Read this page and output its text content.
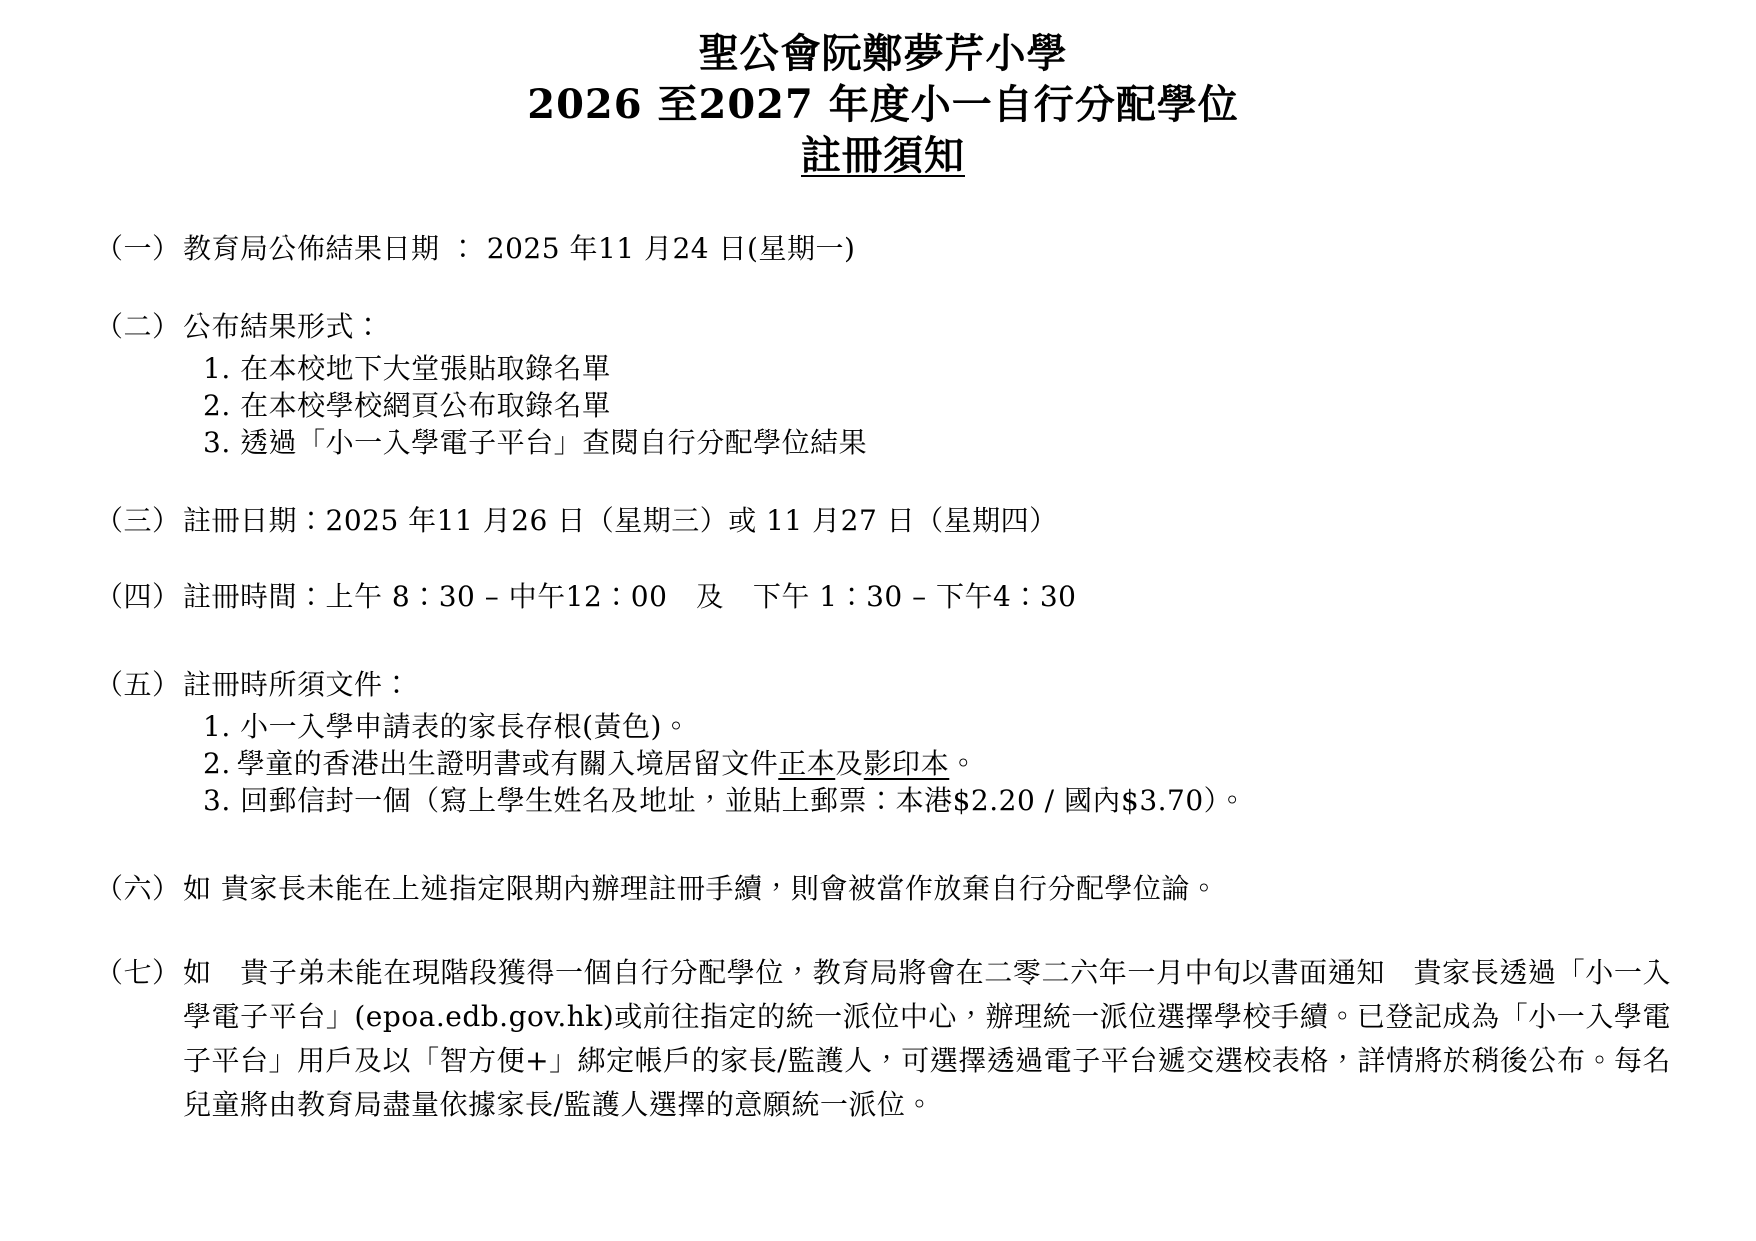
聖公會阮鄭夢芹小學
2026 至2027 年度小一自行分配學位
註冊須知
（一） 教育局公佈結果日期 ： 2025 年11 月24 日(星期一)
（二） 公布結果形式：
1. 在本校地下大堂張貼取錄名單
2. 在本校學校網頁公布取錄名單
3. 透過「小一入學電子平台」查閱自行分配學位結果
（三） 註冊日期：2025 年11 月26 日（星期三）或 11 月27 日（星期四）
（四） 註冊時間：上午 8：30 – 中午12：00　及　下午 1：30 – 下午4：30
（五） 註冊時所須文件：
1. 小一入學申請表的家長存根(黃色)。
2. 學童的香港出生證明書或有關入境居留文件正本及影印本。
3. 回郵信封一個（寫上學生姓名及地址，並貼上郵票：本港$2.20 / 國內$3.70）。
（六） 如 貴家長未能在上述指定限期內辦理註冊手續，則會被當作放棄自行分配學位論。
（七） 如　貴子弟未能在現階段獲得一個自行分配學位，教育局將會在二零二六年一月中旬以書面通知　貴家長透過「小一入學電子平台」(epoa.edb.gov.hk)或前往指定的統一派位中心，辦理統一派位選擇學校手續。已登記成為「小一入學電子平台」用戶及以「智方便+」綁定帳戶的家長/監護人，可選擇透過電子平台遞交選校表格，詳情將於稍後公布。每名兒童將由教育局盡量依據家長/監護人選擇的意願統一派位。
